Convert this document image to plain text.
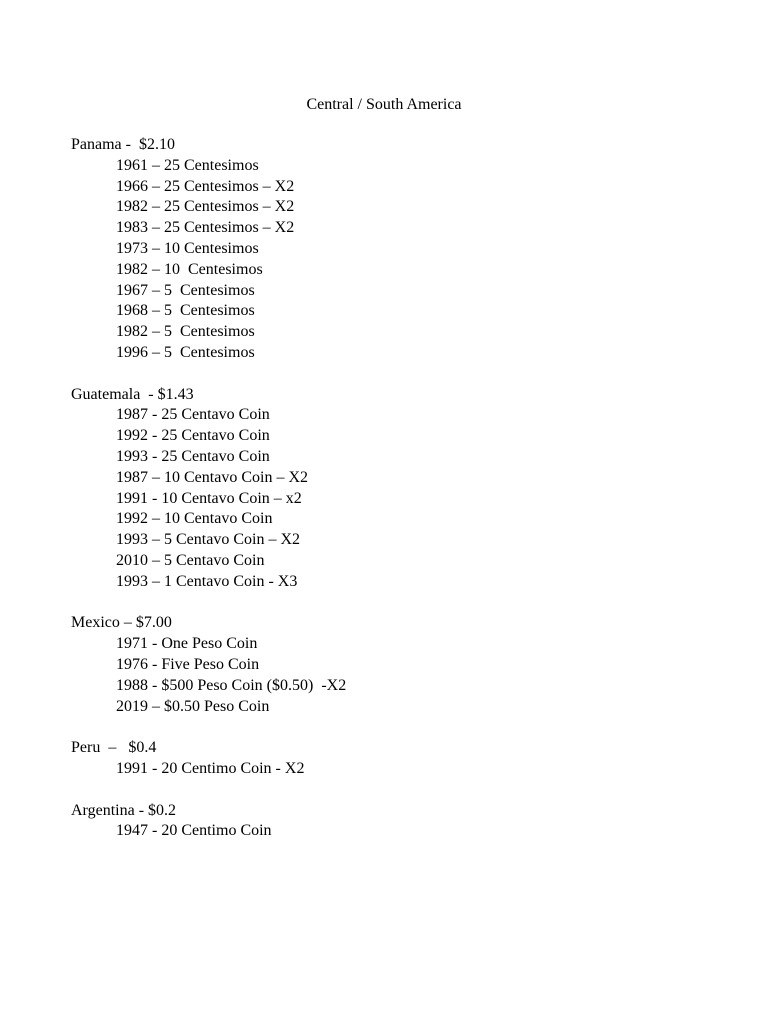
Central / South America
Panama -  $2.10
1961 – 25 Centesimos
1966 – 25 Centesimos – X2
1982 – 25 Centesimos – X2
1983 – 25 Centesimos – X2
1973 – 10 Centesimos
1982 – 10  Centesimos
1967 – 5  Centesimos
1968 – 5  Centesimos
1982 – 5  Centesimos
1996 – 5  Centesimos
Guatemala  - $1.43
1987 - 25 Centavo Coin
1992 - 25 Centavo Coin
1993 - 25 Centavo Coin
1987 – 10 Centavo Coin – X2
1991 - 10 Centavo Coin – x2
1992 – 10 Centavo Coin
1993 – 5 Centavo Coin – X2
2010 – 5 Centavo Coin
1993 – 1 Centavo Coin - X3
Mexico – $7.00
1971 - One Peso Coin
1976 - Five Peso Coin
1988 - $500 Peso Coin ($0.50)  -X2
2019 – $0.50 Peso Coin
Peru  –   $0.4
1991 - 20 Centimo Coin - X2
Argentina - $0.2
1947 - 20 Centimo Coin
